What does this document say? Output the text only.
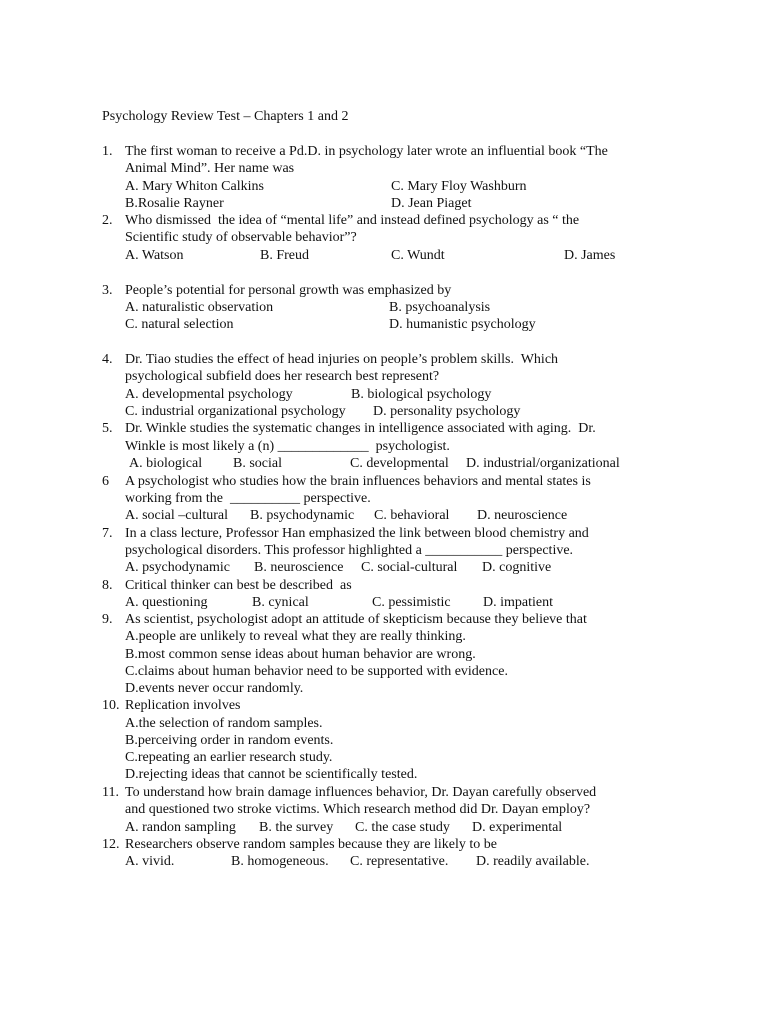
Psychology Review Test – Chapters 1 and 2
1. The first woman to receive a Pd.D. in psychology later wrote an influential book “The
Animal Mind”. Her name was
A. Mary Whiton Calkins	C. Mary Floy Washburn
B.Rosalie Rayner	D. Jean Piaget
2. Who dismissed  the idea of “mental life” and instead defined psychology as “ the
Scientific study of observable behavior”?
A. Watson	B. Freud	C. Wundt	D. James
3. People’s potential for personal growth was emphasized by
A. naturalistic observation	B. psychoanalysis
C. natural selection	D. humanistic psychology
4. Dr. Tiao studies the effect of head injuries on people’s problem skills.  Which
psychological subfield does her research best represent?
A. developmental psychology	B. biological psychology
C. industrial organizational psychology D. personality psychology
5. Dr. Winkle studies the systematic changes in intelligence associated with aging.  Dr.
Winkle is most likely a (n) _____________  psychologist.
A. biological B. social	C. developmental D. industrial/organizational
6 A psychologist who studies how the brain influences behaviors and mental states is
working from the  __________ perspective.
A. social –cultural B. psychodynamic C. behavioral D. neuroscience
7. In a class lecture, Professor Han emphasized the link between blood chemistry and
psychological disorders. This professor highlighted a ___________ perspective.
A. psychodynamic B. neuroscience C. social-cultural D. cognitive
8. Critical thinker can best be described  as
A. questioning	B. cynical	C. pessimistic D. impatient
9. As scientist, psychologist adopt an attitude of skepticism because they believe that
A.people are unlikely to reveal what they are really thinking.
B.most common sense ideas about human behavior are wrong.
C.claims about human behavior need to be supported with evidence.
D.events never occur randomly.
10. Replication involves
A.the selection of random samples.
B.perceiving order in random events.
C.repeating an earlier research study.
D.rejecting ideas that cannot be scientifically tested.
11. To understand how brain damage influences behavior, Dr. Dayan carefully observed
and questioned two stroke victims. Which research method did Dr. Dayan employ?
A. randon sampling B. the survey C. the case study D. experimental
12. Researchers observe random samples because they are likely to be
A. vivid.	B. homogeneous. C. representative. D. readily available.
